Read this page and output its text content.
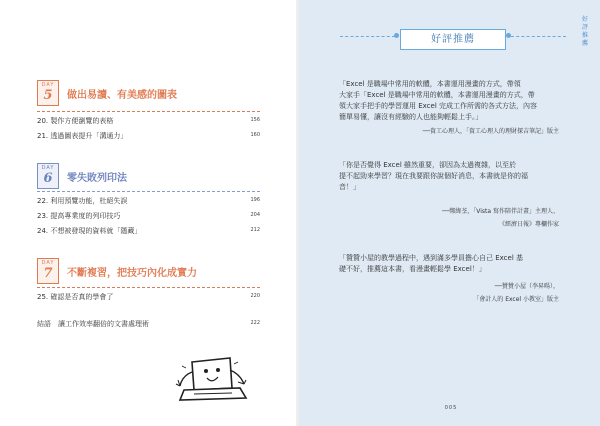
DAY
5	做出易讀、有美感的圖表
20. 製作方便瀏覽的表格	156
21. 透過圖表提升「溝通力」	160
DAY
6	零失敗列印法
22. 利用預覽功能，杜絕失誤	196
23. 提高專業度的列印技巧	204
24. 不想被發現的資料就「隱藏」	212
DAY
7	不斷複習，把技巧內化成實力
25. 確認是否真的學會了	220
結語　讓工作效率翻倍的文書處理術	222
好評推薦
好評推薦
「Excel 是職場中常用的軟體，本書運用漫畫的方式，帶領
大家手「Excel 是職場中常用的軟體，本書運用漫畫的方式，帶
領大家手把手的學習運用 Excel 完成工作所需的各式方法，內容
簡單易懂，讓沒有經驗的人也能夠輕鬆上手。」
──資工心理人，「資工心理人的理財探吉筆記」版主
「你是否覺得 Excel 雖然重要，卻因為太過複雜，以至於
提不起勁來學習？現在我要跟你說個好消息，本書就是你的福
音！」
──鄭緯荃，「Vista 寫作陪伴計畫」主理人、
《經濟日報》專欄作家
「贊贊小屋的教學過程中，遇到滿多學員擔心自己 Excel 基
礎不好，推薦這本書，看漫畫輕鬆學 Excel！」
──贊贊小屋（李昇暘），
「會計人的 Excel 小教室」版主
005
